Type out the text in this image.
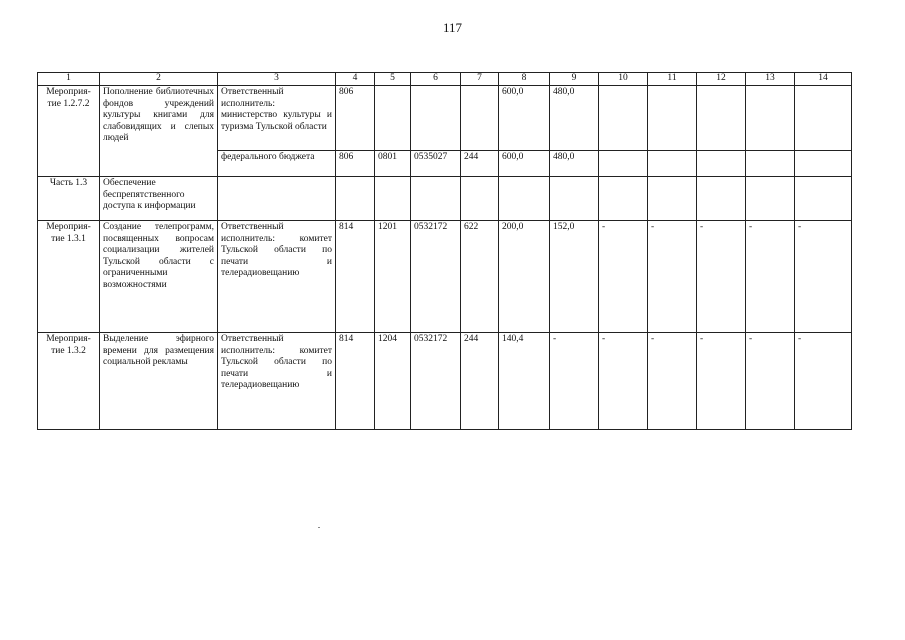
117
1	2	3	4	5	6	7	8	9	10	11	12	13	14
Мероприя-тие 1.2.7.2	Пополнение библиотечных фондов учреждений культуры книгами для слабовидящих и слепых людей	Ответственный исполнитель: министерство культуры и туризма Тульской области	806				600,0	480,0					
		федерального бюджета	806	0801	0535027	244	600,0	480,0					
Часть 1.3	Обеспечение беспрепятственного доступа к информации												
Мероприя-тие 1.3.1	Создание телепрограмм, посвященных вопросам социализации жителей Тульской области с ограниченными возможностями	Ответственный исполнитель: комитет Тульской области по печати и телерадиовещанию	814	1201	0532172	622	200,0	152,0	-	-	-	-	-
Мероприя-тие 1.3.2	Выделение эфирного времени для размещения социальной рекламы	Ответственный исполнитель: комитет Тульской области по печати и телерадиовещанию	814	1204	0532172	244	140,4	-	-	-	-	-	-
